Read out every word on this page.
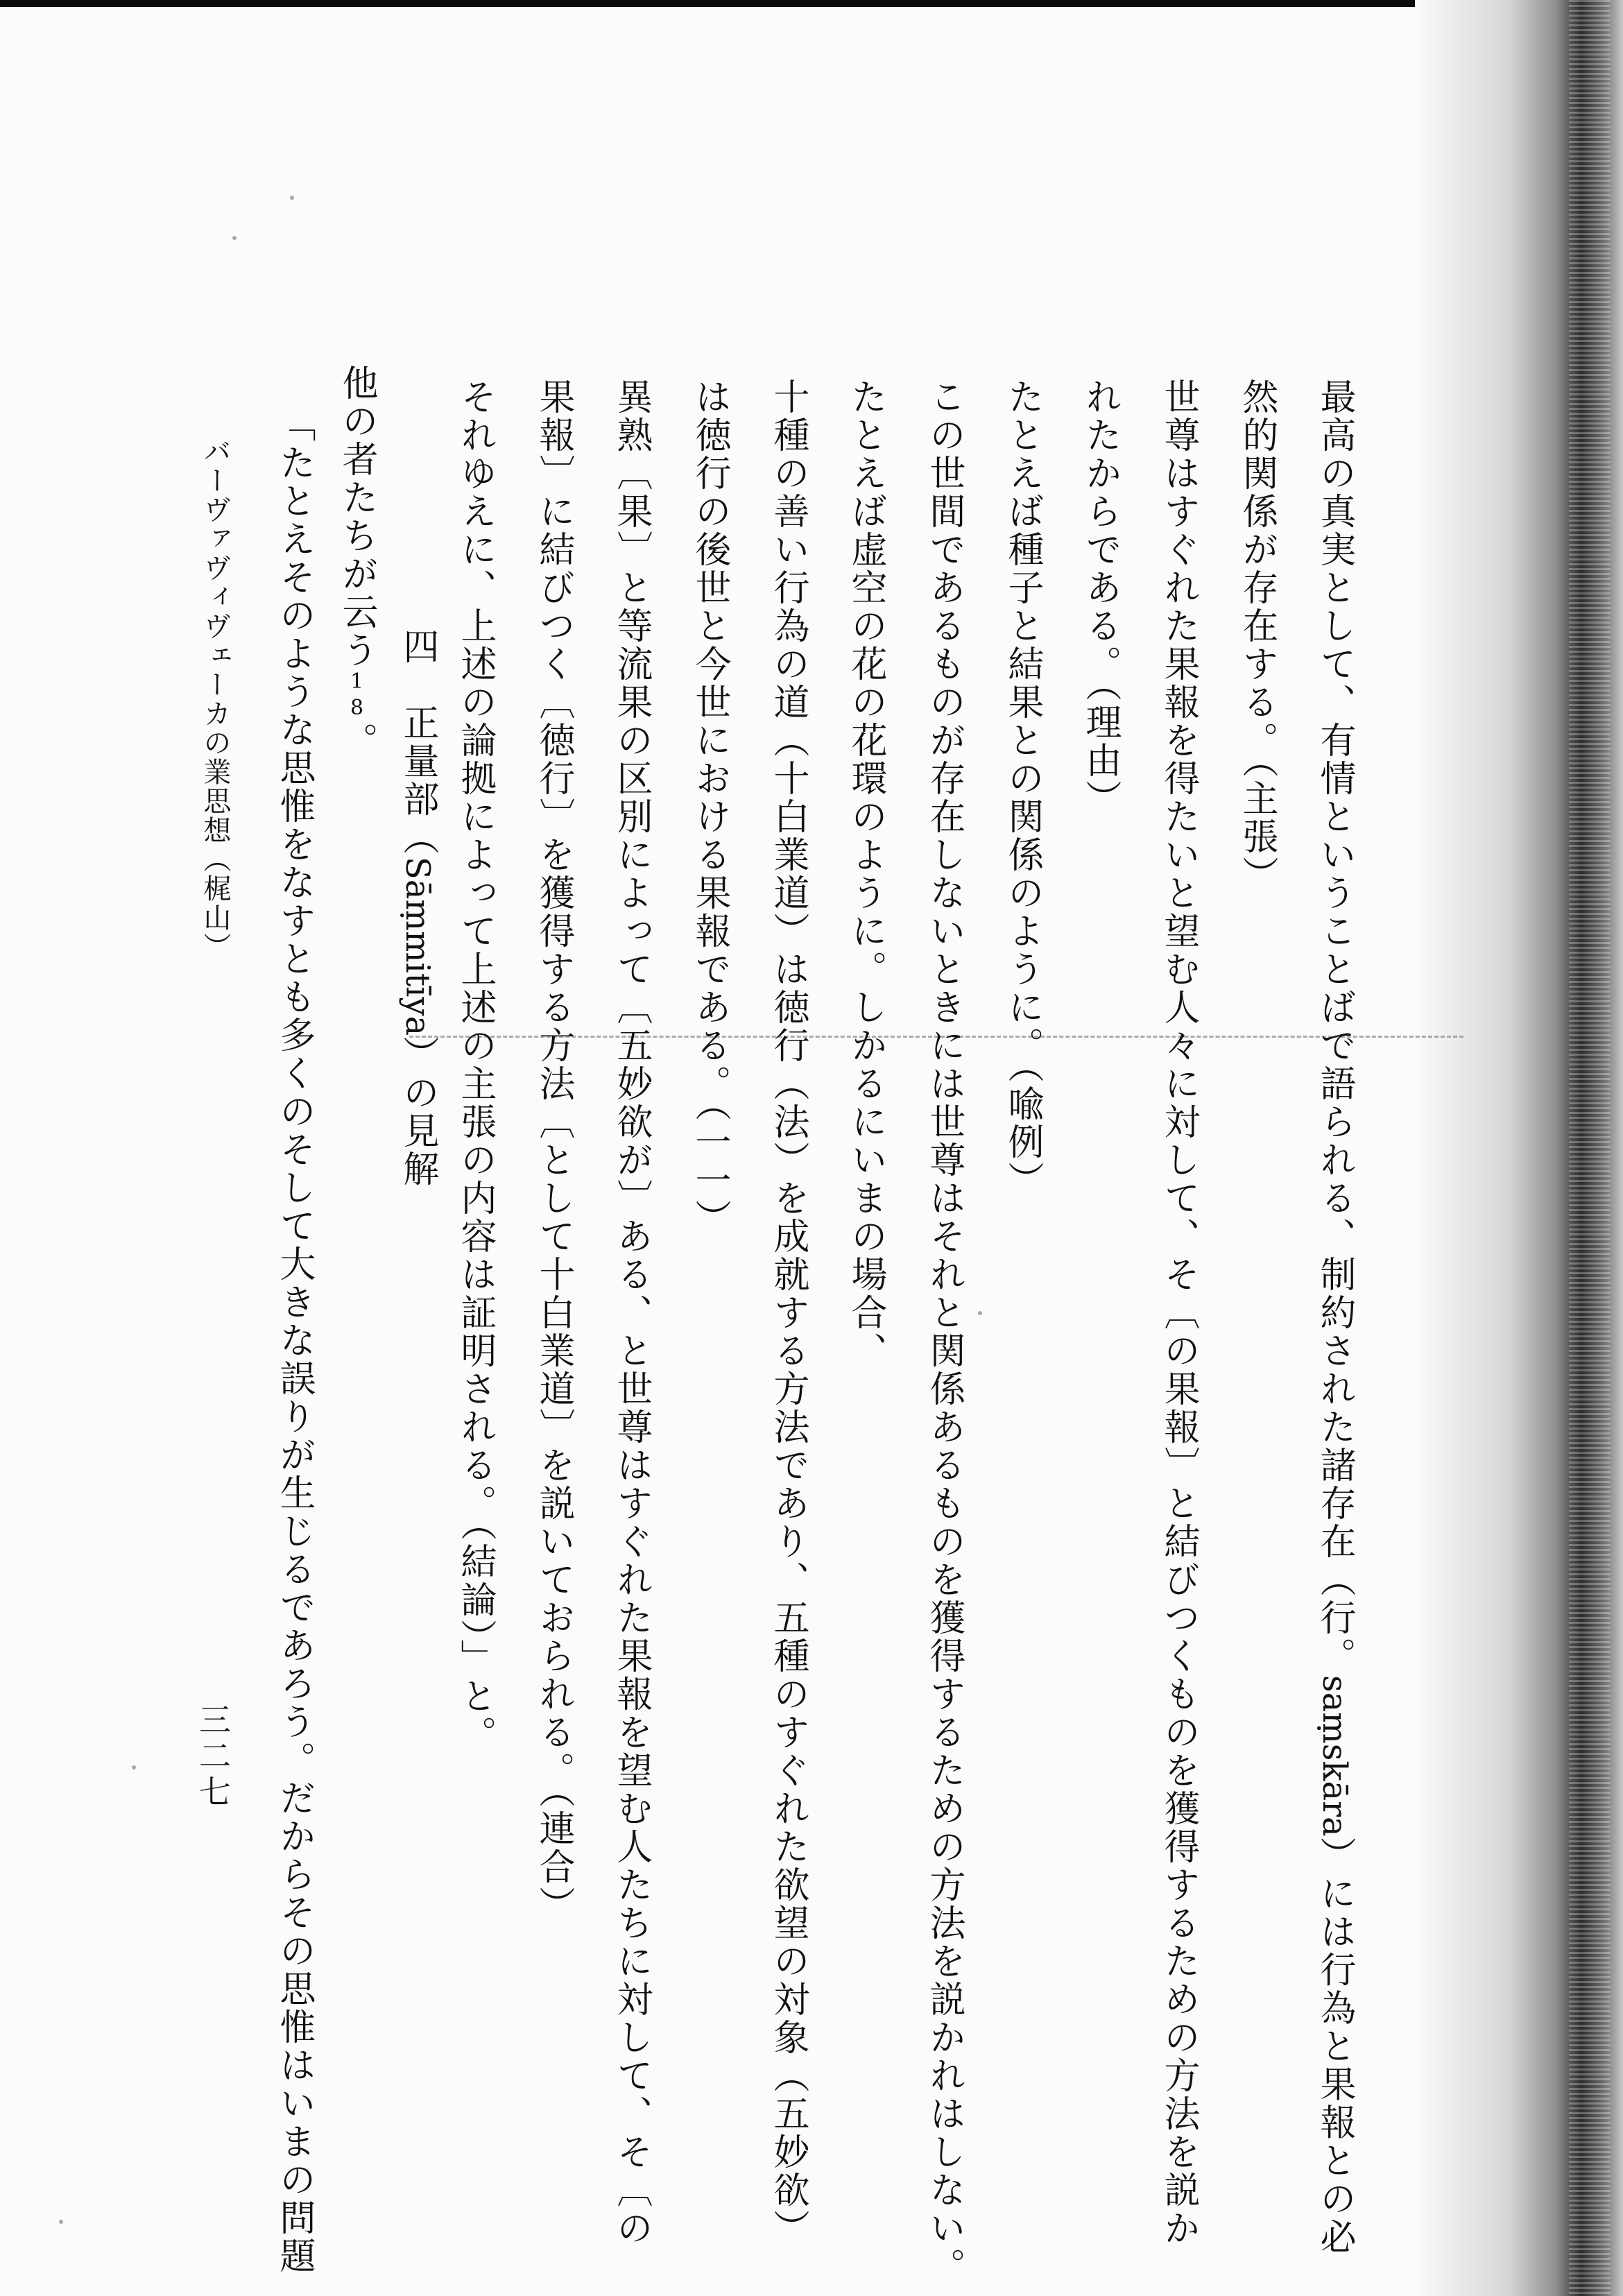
最高の真実として、有情ということばで語られる、制約された諸存在（行。saṃskāra）には行為と果報との必
然的関係が存在する。（主張）
世尊はすぐれた果報を得たいと望む人々に対して、そ〔の果報〕と結びつくものを獲得するための方法を説か
れたからである。（理由）
たとえば種子と結果との関係のように。（喩例）
この世間であるものが存在しないときには世尊はそれと関係あるものを獲得するための方法を説かれはしない。
たとえば虚空の花の花環のように。しかるにいまの場合、
十種の善い行為の道（十白業道）は徳行（法）を成就する方法であり、五種のすぐれた欲望の対象（五妙欲）
は徳行の後世と今世における果報である。（一一）
異熟〔果〕と等流果の区別によって〔五妙欲が〕ある、と世尊はすぐれた果報を望む人たちに対して、そ〔の
果報〕に結びつく〔徳行〕を獲得する方法〔として十白業道〕を説いておられる。（連合）
それゆえに、上述の論拠によって上述の主張の内容は証明される。（結論）」と。
四　正量部（Sāṃmitīya）の見解
他の者たちが云う18。
「たとえそのような思惟をなすとも多くのそして大きな誤りが生じるであろう。だからその思惟はいまの問題
バーヴァヴィヴェーカの業思想（梶山）
三二七
